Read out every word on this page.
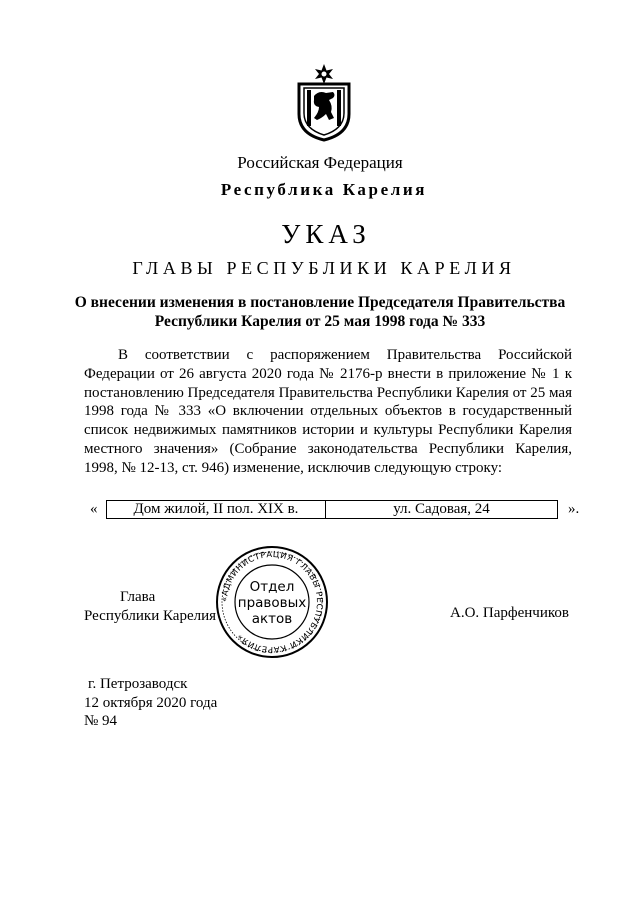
Российская Федерация
Республика Карелия
УКАЗ
ГЛАВЫ РЕСПУБЛИКИ КАРЕЛИЯ
О внесении изменения в постановление Председателя Правительства
Республики Карелия от 25 мая 1998 года № 333
В соответствии с распоряжением Правительства Российской Федерации от 26 августа 2020 года № 2176-р внести в приложение № 1 к постановлению Председателя Правительства Республики Карелия от 25 мая 1998 года № 333 «О включении отдельных объектов в государственный список недвижимых памятников истории и культуры Республики Карелия местного значения» (Собрание законодательства Республики Карелия, 1998, № 12-13, ст. 946) изменение, исключив следующую строку:
« Дом жилой, II пол. XIX в.	ул. Садовая, 24	».
Глава
Республики Карелия
«АДМИНИСТРАЦИЯ ГЛАВЫ РЕСПУБЛИКИ КАРЕЛИЯ»
Отдел
правовых
актов	А.О. Парфенчиков
г. Петрозаводск
12 октября 2020 года
№ 94
